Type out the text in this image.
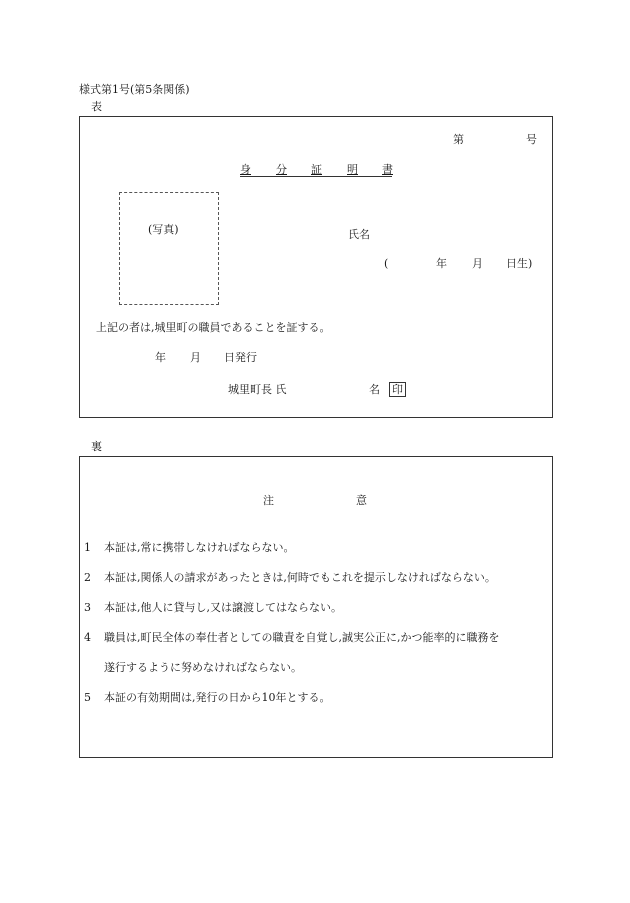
様式第1号(第5条関係)
表
第	号
身 分 証 明 書
(写真)	氏名
(	年 月 日生)
上記の者は,城里町の職員であることを証する。
年 月 日発行
城里町長 氏	名 印
裏
注	意
1 本証は,常に携帯しなければならない。
2 本証は,関係人の請求があったときは,何時でもこれを提示しなければならない。
3 本証は,他人に貸与し,又は譲渡してはならない。
4 職員は,町民全体の奉仕者としての職責を自覚し,誠実公正に,かつ能率的に職務を
遂行するように努めなければならない。
5 本証の有効期間は,発行の日から10年とする。
